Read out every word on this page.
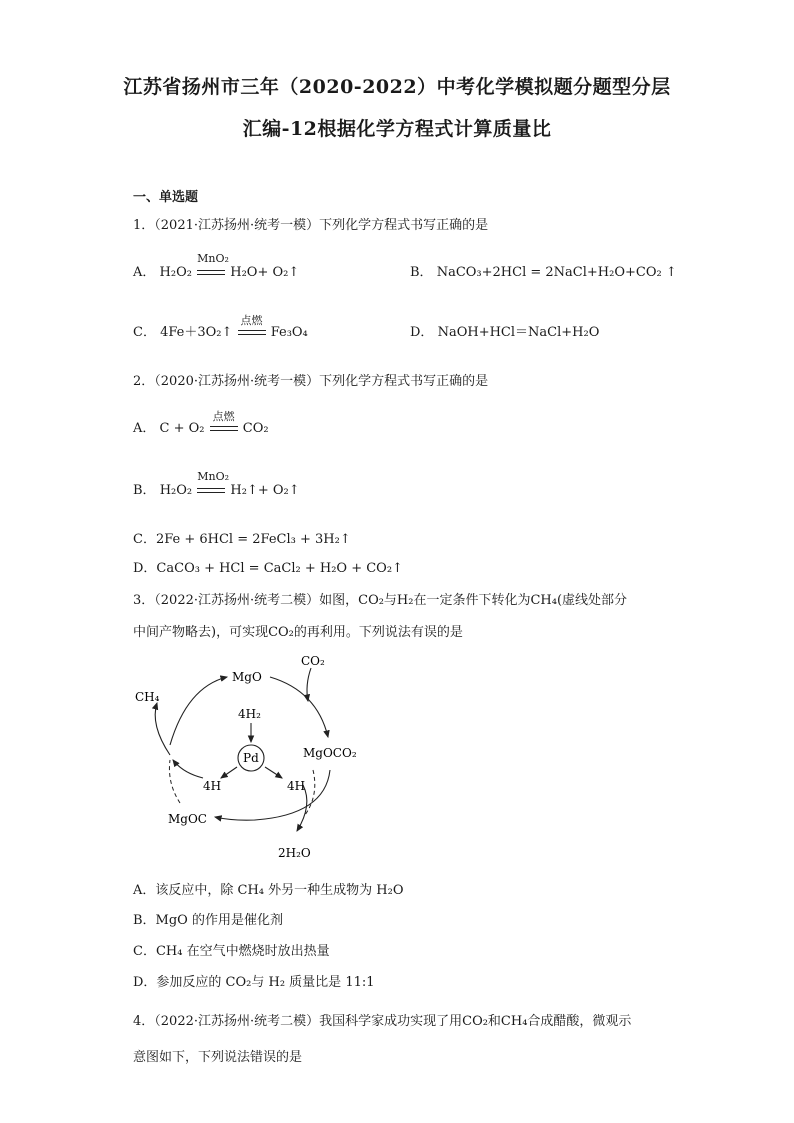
江苏省扬州市三年（2020-2022）中考化学模拟题分题型分层
汇编-12根据化学方程式计算质量比
一、单选题
1．（2021·江苏扬州·统考一模）下列化学方程式书写正确的是
A． H₂O₂
MnO₂
H₂O+ O₂↑	B． NaCO₃+2HCl = 2NaCl+H₂O+CO₂ ↑
C． 4Fe＋3O₂↑
点燃
Fe₃O₄	D． NaOH+HCl＝NaCl+H₂O
2．（2020·江苏扬州·统考一模）下列化学方程式书写正确的是
A． C + O₂
点燃
CO₂
B． H₂O₂
MnO₂
H₂↑+ O₂↑
C．2Fe + 6HCl = 2FeCl₃ + 3H₂↑
D．CaCO₃ + HCl = CaCl₂ + H₂O + CO₂↑
3．（2022·江苏扬州·统考二模）如图，CO₂与H₂在一定条件下转化为CH₄(虚线处部分
中间产物略去)，可实现CO₂的再利用。下列说法有误的是
MgO
CO₂
CH₄
4H₂
Pd	MgOCO₂
4H	4H
MgOC
2H₂O
A．该反应中，除 CH₄ 外另一种生成物为 H₂O
B．MgO 的作用是催化剂
C．CH₄ 在空气中燃烧时放出热量
D．参加反应的 CO₂与 H₂ 质量比是 11:1
4．（2022·江苏扬州·统考二模）我国科学家成功实现了用CO₂和CH₄合成醋酸，微观示
意图如下，下列说法错误的是
